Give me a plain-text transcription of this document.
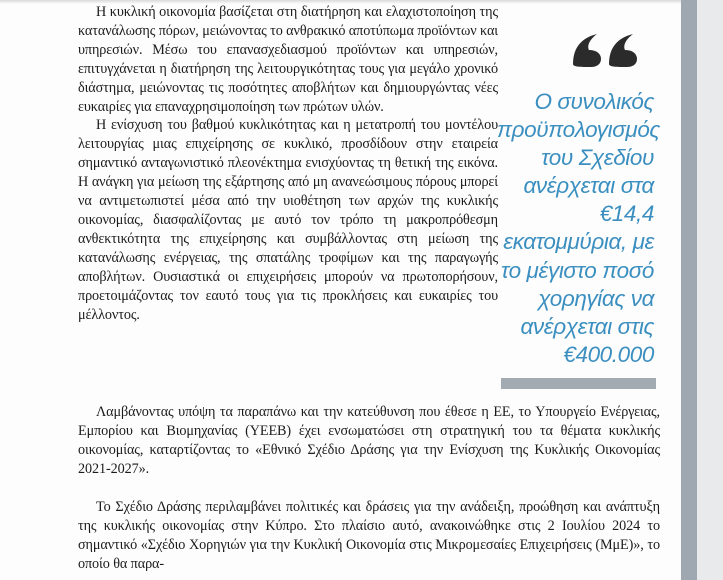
Η κυκλική οικονομία βασίζεται στη διατήρηση και ελαχιστοποίηση της κατανάλωσης πόρων, μειώνοντας το ανθρακικό αποτύπωμα προϊόντων και υπηρεσιών. Μέσω του επανασχεδιασμού προϊόντων και υπηρεσιών, επιτυγχάνεται η διατήρηση της λειτουργικότητας τους για μεγάλο χρονικό διάστημα, μειώνοντας τις ποσότητες αποβλήτων και δημιουργώντας νέες ευκαιρίες για επαναχρησιμοποίηση των πρώτων υλών.

Η ενίσχυση του βαθμού κυκλικότητας και η μετατροπή του μοντέλου λειτουργίας μιας επιχείρησης σε κυκλικό, προσδίδουν στην εταιρεία σημαντικό ανταγωνιστικό πλεονέκτημα ενισχύοντας τη θετική της εικόνα. Η ανάγκη για μείωση της εξάρτησης από μη ανανεώσιμους πόρους μπορεί να αντιμετωπιστεί μέσα από την υιοθέτηση των αρχών της κυκλικής οικονομίας, διασφαλίζοντας με αυτό τον τρόπο τη μακροπρόθεσμη ανθεκτικότητα της επιχείρησης και συμβάλλοντας στη μείωση της κατανάλωσης ενέργειας, της σπατάλης τροφίμων και της παραγωγής αποβλήτων. Ουσιαστικά οι επιχειρήσεις μπορούν να πρωτοπορήσουν, προετοιμάζοντας τον εαυτό τους για τις προκλήσεις και ευκαιρίες του μέλλοντος.

Λαμβάνοντας υπόψη τα παραπάνω και την κατεύθυνση που έθεσε η ΕΕ, το Υπουργείο Ενέργειας, Εμπορίου και Βιομηχανίας (ΥΕΕΒ) έχει ενσωματώσει στη στρατηγική του τα θέματα κυκλικής οικονομίας, καταρτίζοντας το «Εθνικό Σχέδιο Δράσης για την Ενίσχυση της Κυκλικής Οικονομίας 2021-2027».

Το Σχέδιο Δράσης περιλαμβάνει πολιτικές και δράσεις για την ανάδειξη, προώθηση και ανάπτυξη της κυκλικής οικονομίας στην Κύπρο. Στο πλαίσιο αυτό, ανακοινώθηκε στις 2 Ιουλίου 2024 το σημαντικό «Σχέδιο Χορηγιών για την Κυκλική Οικονομία στις Μικρομεσαίες Επιχειρήσεις (ΜμΕ)», το οποίο θα παρα-

Ο συνολικός προϋπολογισμός του Σχεδίου ανέρχεται στα €14,4 εκατομμύρια, με το μέγιστο ποσό χορηγίας να ανέρχεται στις €400.000
